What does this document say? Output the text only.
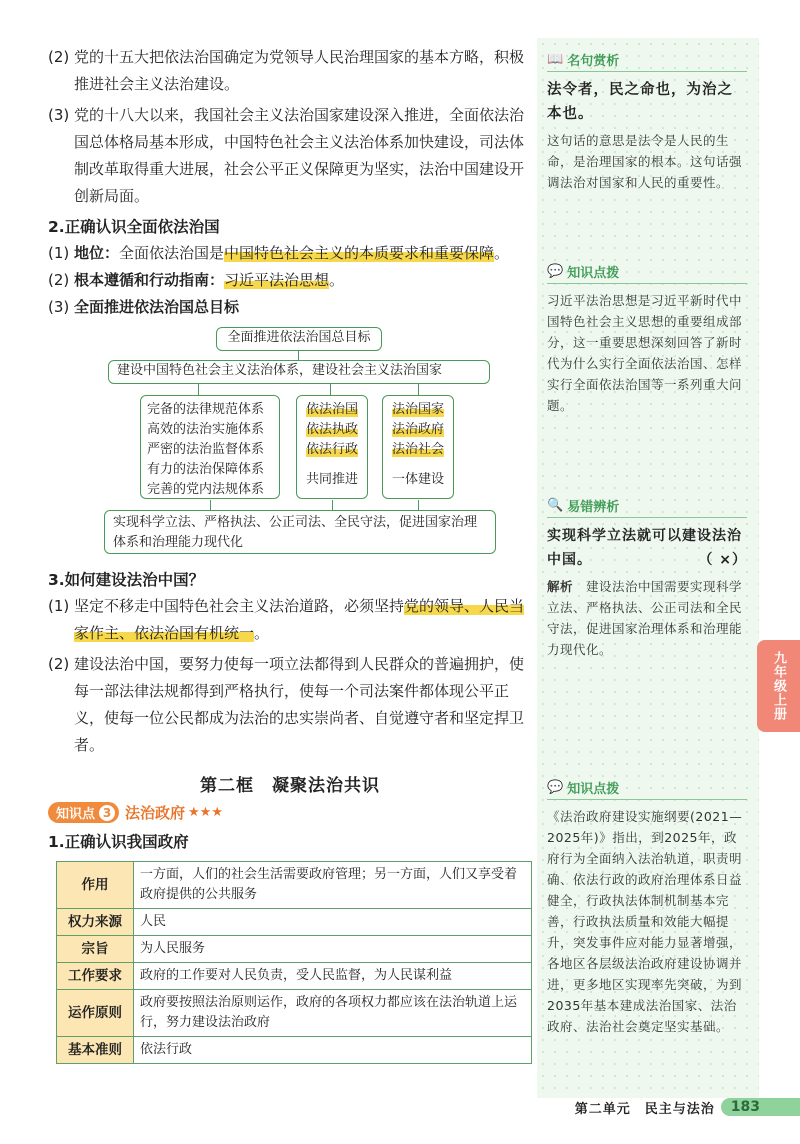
(2) 党的十五大把依法治国确定为党领导人民治理国家的基本方略，积极推进社会主义法治建设。
(3) 党的十八大以来，我国社会主义法治国家建设深入推进，全面依法治国总体格局基本形成，中国特色社会主义法治体系加快建设，司法体制改革取得重大进展，社会公平正义保障更为坚实，法治中国建设开创新局面。
2.正确认识全面依法治国
(1) 地位：全面依法治国是中国特色社会主义的本质要求和重要保障。
(2) 根本遵循和行动指南：习近平法治思想。
(3) 全面推进依法治国总目标
全面推进依法治国总目标
建设中国特色社会主义法治体系，建设社会主义法治国家
完备的法律规范体系
高效的法治实施体系
严密的法治监督体系
有力的法治保障体系
完善的党内法规体系
依法治国
依法执政
依法行政
共同推进
法治国家
法治政府
法治社会
一体建设
实现科学立法、严格执法、公正司法、全民守法，促进国家治理体系和治理能力现代化
3.如何建设法治中国？
(1) 坚定不移走中国特色社会主义法治道路，必须坚持党的领导、人民当家作主、依法治国有机统一。
(2) 建设法治中国，要努力使每一项立法都得到人民群众的普遍拥护，使每一部法律法规都得到严格执行，使每一个司法案件都体现公平正义，使每一位公民都成为法治的忠实崇尚者、自觉遵守者和坚定捍卫者。
第二框　凝聚法治共识
知识点 3 法治政府 ★★★
1.正确认识我国政府
作用	一方面，人们的社会生活需要政府管理；另一方面，人们又享受着政府提供的公共服务
权力来源	人民
宗旨	为人民服务
工作要求	政府的工作要对人民负责，受人民监督，为人民谋利益
运作原则	政府要按照法治原则运作，政府的各项权力都应该在法治轨道上运行，努力建设法治政府
基本准则	依法行政
📖 名句赏析
法令者，民之命也，为治之本也。
这句话的意思是法令是人民的生命，是治理国家的根本。这句话强调法治对国家和人民的重要性。
💬 知识点拨
习近平法治思想是习近平新时代中国特色社会主义思想的重要组成部分，这一重要思想深刻回答了新时代为什么实行全面依法治国、怎样实行全面依法治国等一系列重大问题。
🔍 易错辨析
实现科学立法就可以建设法治中国。	（ ×）
解析　 建设法治中国需要实现科学立法、严格执法、公正司法和全民守法，促进国家治理体系和治理能力现代化。
💬 知识点拨
《法治政府建设实施纲要(2021—2025年)》指出，到2025年，政府行为全面纳入法治轨道，职责明确、依法行政的政府治理体系日益健全，行政执法体制机制基本完善，行政执法质量和效能大幅提升，突发事件应对能力显著增强，各地区各层级法治政府建设协调并进，更多地区实现率先突破，为到2035年基本建成法治国家、法治政府、法治社会奠定坚实基础。
九年级上册
第二单元　民主与法治	183
